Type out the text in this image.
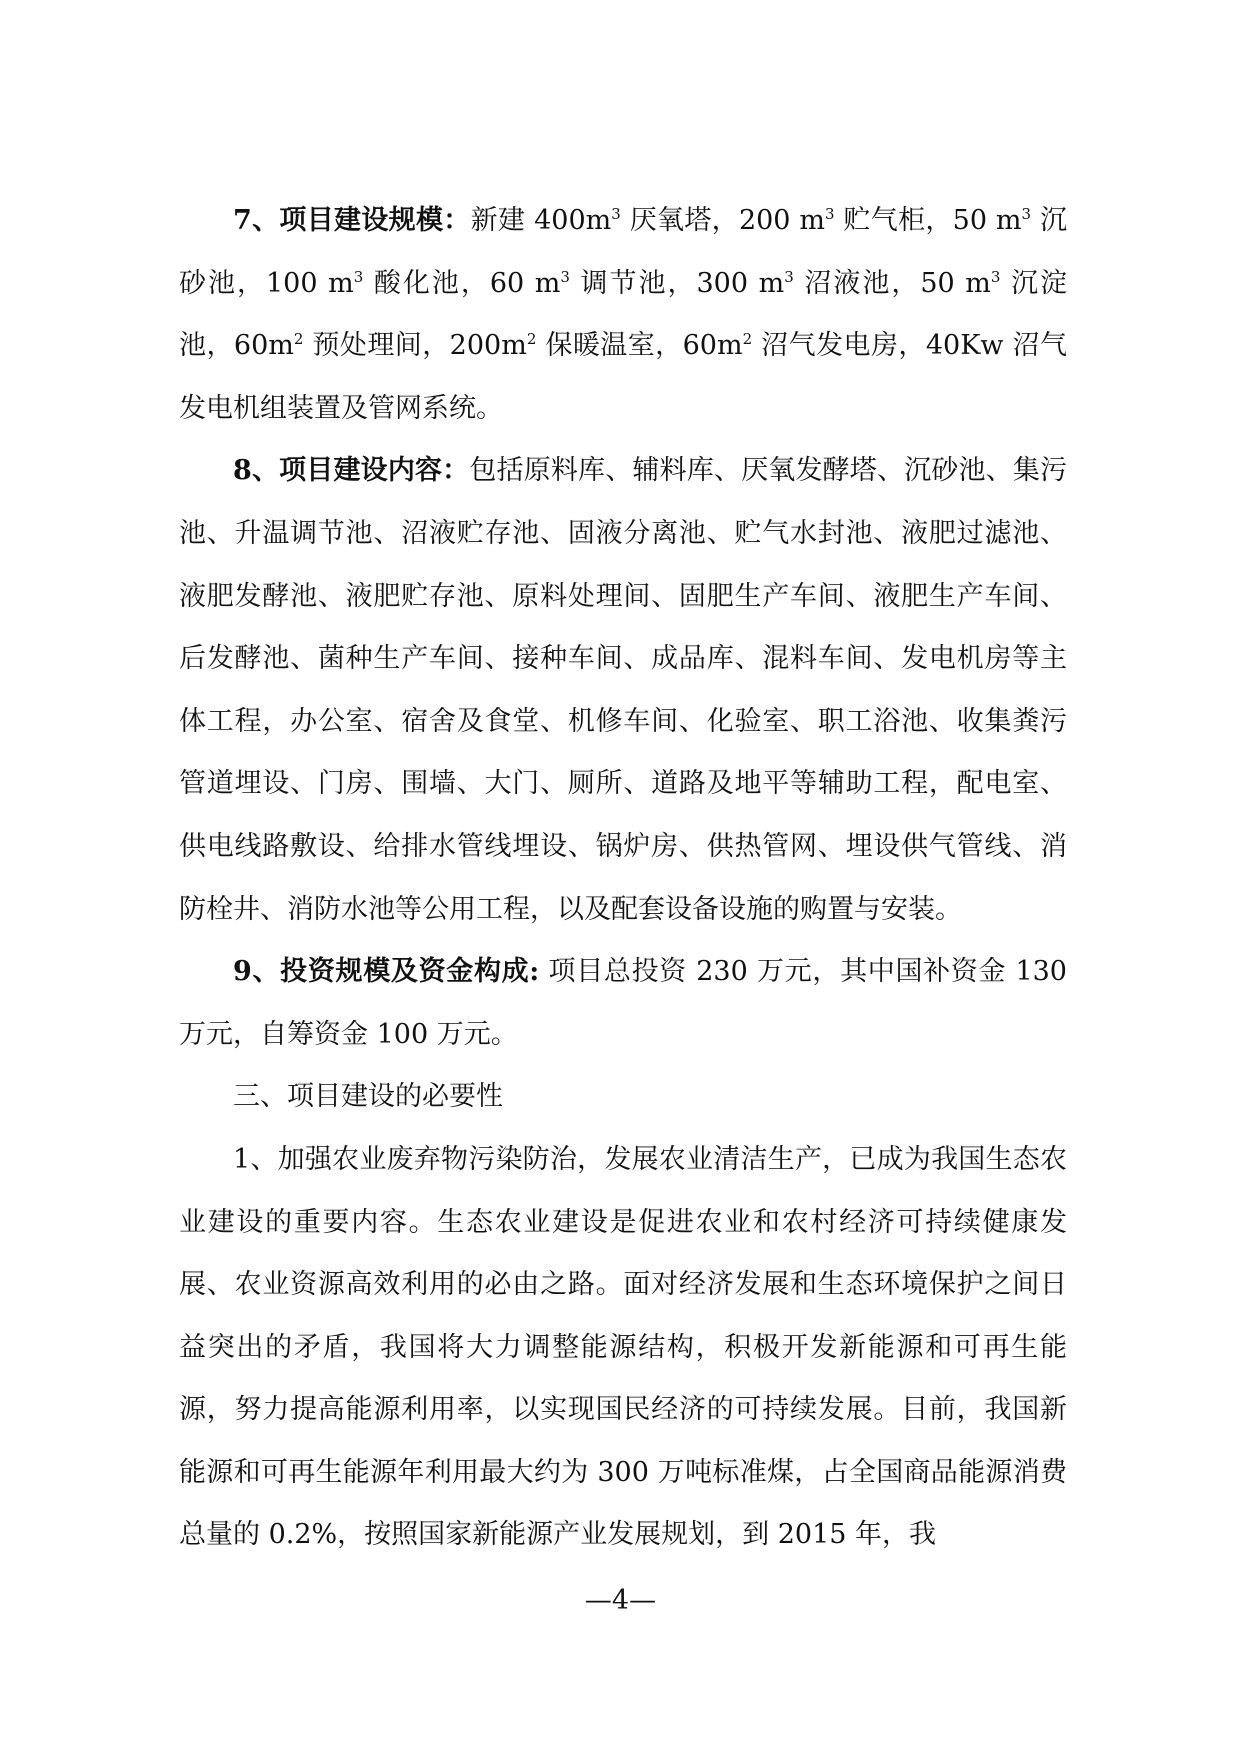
7、项目建设规模：新建 $400m^3$ 厌氧塔，200 $m^3$ 贮气柜，50 $m^3$ 沉砂池，100 $m^3$ 酸化池，60 $m^3$ 调节池，300 $m^3$ 沼液池，50 $m^3$ 沉淀池，$60m^2$ 预处理间，$200m^2$ 保暖温室，$60m^2$ 沼气发电房，40Kw 沼气发电机组装置及管网系统。

8、项目建设内容：包括原料库、辅料库、厌氧发酵塔、沉砂池、集污池、升温调节池、沼液贮存池、固液分离池、贮气水封池、液肥过滤池、液肥发酵池、液肥贮存池、原料处理间、固肥生产车间、液肥生产车间、后发酵池、菌种生产车间、接种车间、成品库、混料车间、发电机房等主体工程，办公室、宿舍及食堂、机修车间、化验室、职工浴池、收集粪污管道埋设、门房、围墙、大门、厕所、道路及地平等辅助工程，配电室、供电线路敷设、给排水管线埋设、锅炉房、供热管网、埋设供气管线、消防栓井、消防水池等公用工程，以及配套设备设施的购置与安装。

9、投资规模及资金构成: 项目总投资 230 万元，其中国补资金 130 万元，自筹资金 100 万元。

三、项目建设的必要性

1、加强农业废弃物污染防治，发展农业清洁生产，已成为我国生态农业建设的重要内容。生态农业建设是促进农业和农村经济可持续健康发展、农业资源高效利用的必由之路。面对经济发展和生态环境保护之间日益突出的矛盾，我国将大力调整能源结构，积极开发新能源和可再生能源，努力提高能源利用率，以实现国民经济的可持续发展。目前，我国新能源和可再生能源年利用最大约为 300 万吨标准煤，占全国商品能源消费总量的 0.2%，按照国家新能源产业发展规划，到 2015 年，我

—4—
